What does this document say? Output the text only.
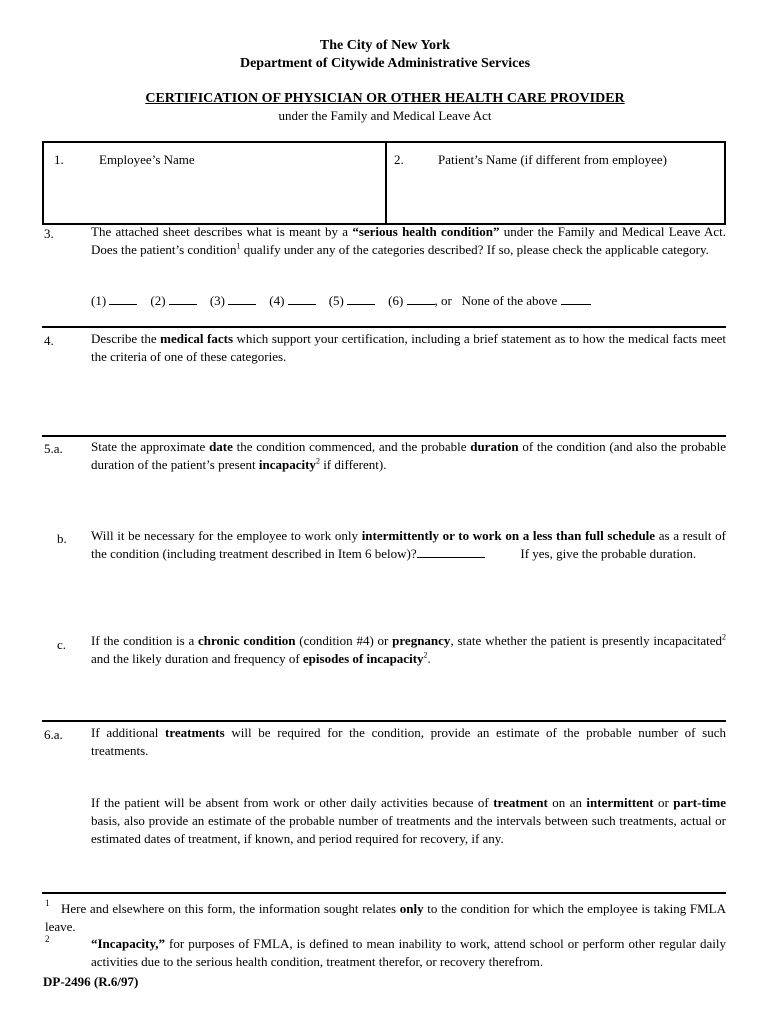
The City of New York
Department of Citywide Administrative Services
CERTIFICATION OF PHYSICIAN OR OTHER HEALTH CARE PROVIDER
under the Family and Medical Leave Act
1.	Employee’s Name	2.	Patient’s Name (if different from employee)
3.	The attached sheet describes what is meant by a “serious health condition” under the Family and Medical Leave Act. Does the patient’s condition$^1$ qualify under any of the categories described? If so, please check the applicable category.
(1)	(2)	(3)	(4)	(5)	(6) , or None of the above
4.	Describe the medical facts which support your certification, including a brief statement as to how the medical facts meet the criteria of one of these categories.
5.a. State the approximate date the condition commenced, and the probable duration of the condition (and also the probable duration of the patient’s present incapacity$^2$ if different).
b. Will it be necessary for the employee to work only intermittently or to work on a less than full schedule as a result of the condition (including treatment described in Item 6 below)?	If yes, give the probable duration.
c. If the condition is a chronic condition (condition #4) or pregnancy, state whether the patient is presently incapacitated$^2$ and the likely duration and frequency of episodes of incapacity$^2$.
6.a. If additional treatments will be required for the condition, provide an estimate of the probable number of such treatments.
If the patient will be absent from work or other daily activities because of treatment on an intermittent or part-time basis, also provide an estimate of the probable number of treatments and the intervals between such treatments, actual or estimated dates of treatment, if known, and period required for recovery, if any.
1 Here and elsewhere on this form, the information sought relates only to the condition for which the employee is taking FMLA leave.
2	“Incapacity,” for purposes of FMLA, is defined to mean inability to work, attend school or perform other regular daily activities due to the serious health condition, treatment therefor, or recovery therefrom.
DP-2496 (R.6/97)
